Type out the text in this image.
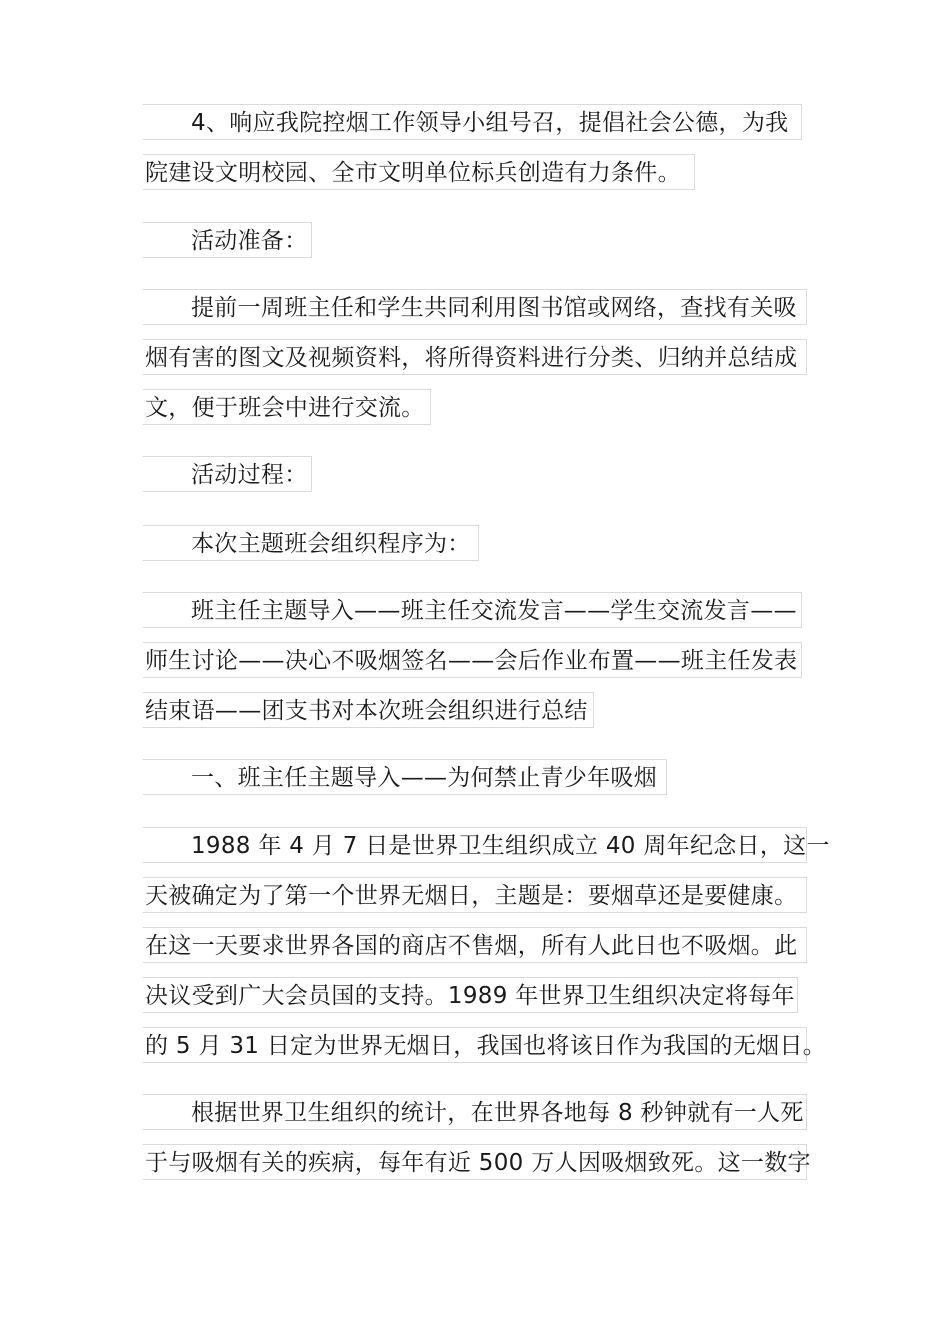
4、响应我院控烟工作领导小组号召，提倡社会公德，为我
院建设文明校园、全市文明单位标兵创造有力条件。
活动准备：
提前一周班主任和学生共同利用图书馆或网络，查找有关吸
烟有害的图文及视频资料，将所得资料进行分类、归纳并总结成
文，便于班会中进行交流。
活动过程：
本次主题班会组织程序为：
班主任主题导入——班主任交流发言——学生交流发言——
师生讨论——决心不吸烟签名——会后作业布置——班主任发表
结束语——团支书对本次班会组织进行总结
一、班主任主题导入——为何禁止青少年吸烟
1988 年 4 月 7 日是世界卫生组织成立 40 周年纪念日，这一
天被确定为了第一个世界无烟日，主题是：要烟草还是要健康。
在这一天要求世界各国的商店不售烟，所有人此日也不吸烟。此
决议受到广大会员国的支持。1989 年世界卫生组织决定将每年
的 5 月 31 日定为世界无烟日，我国也将该日作为我国的无烟日。
根据世界卫生组织的统计，在世界各地每 8 秒钟就有一人死
于与吸烟有关的疾病，每年有近 500 万人因吸烟致死。这一数字
